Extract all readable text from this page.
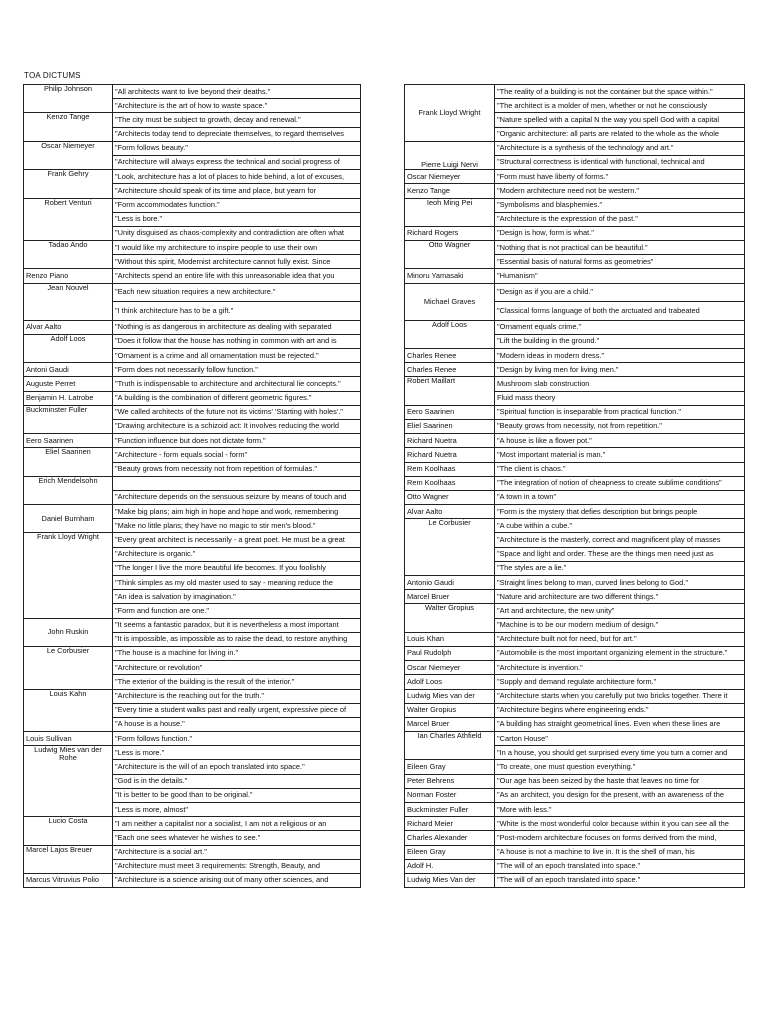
TOA DICTUMS
Philip Johnson	"All architects want to live beyond their deaths."
	"Architecture is the art of how to waste space."
Kenzo Tange	"The city must be subject to growth, decay and renewal."
	"Architects today tend to depreciate themselves, to regard themselves
Oscar Niemeyer	"Form follows beauty."
	"Architecture will always express the technical and social progress of
Frank Gehry	"Look, architecture has a lot of places to hide behind, a lot of excuses,
	"Architecture should speak of its time and place, but yearn for
Robert Venturi	"Form accommodates function."
	"Less is bore."
	"Unity disguised as chaos-complexity and contradiction are often what
Tadao Ando	"I would like my architecture to inspire people to use their own
	"Without this spirit, Modernist architecture cannot fully exist. Since
Renzo Piano	"Architects spend an entire life with this unreasonable idea that you
Jean Nouvel	"Each new situation requires a new architecture."
	"I think architecture has to be a gift."
Alvar Aalto	"Nothing is as dangerous in architecture as dealing with separated
Adolf Loos	"Does it follow that the house has nothing in common with art and is
	"Ornament is a crime and all ornamentation must be rejected."
Antoni Gaudi	"Form does not necessarily follow function."
Auguste Perret	"Truth is indispensable to architecture and architectural lie concepts."
Benjamin H. Latrobe	"A building is the combination of different geometric figures."
Buckminster Fuller	"We called architects of the future not its victims' 'Starting with holes'."
	"Drawing architecture is a schizoid act: It involves reducing the world
Eero Saarinen	"Function influence but does not dictate form."
Eliel Saarinen	"Architecture - form equals social - form"
	"Beauty grows from necessity not from repetition of formulas."
Erich Mendelsohn	
	"Architecture depends on the sensuous seizure by means of touch and
Daniel Burnham	"Make big plans; aim high in hope and hope and work, remembering
	"Make no little plans; they have no magic to stir men's blood."
Frank Lloyd Wright	"Every great architect is necessarily - a great poet. He must be a great
	"Architecture is organic."
	"The longer I live the more beautiful life becomes. If you foolishly
	"Think simples as my old master used to say - meaning reduce the
	"An idea is salvation by imagination."
	"Form and function are one."
John Ruskin	"It seems a fantastic paradox, but it is nevertheless a most important
	"It is impossible, as impossible as to raise the dead, to restore anything
Le Corbusier	"The house is a machine for living in."
	"Architecture or revolution"
	"The exterior of the building is the result of the interior."
Louis Kahn	"Architecture is the reaching out for the truth."
	"Every time a student walks past and really urgent, expressive piece of
	"A house is a house."
Louis Sullivan	"Form follows function."
Ludwig Mies van der Rohe	"Less is more."
	"Architecture is the will of an epoch translated into space."
	"God is in the details."
	"It is better to be good than to be original."
	"Less is more, almost"
Lucio Costa	"I am neither a capitalist nor a socialist, I am not a religious or an
	"Each one sees whatever he wishes to see."
Marcel Lajos Breuer	"Architecture is a social art."
	"Architecture must meet 3 requirements: Strength, Beauty, and
Marcus Vitruvius Polio	"Architecture is a science arising out of many other sciences, and
Frank Lloyd Wright	"The reality of a building is not the container but the space within."
	"The architect is a molder of men, whether or not he consciously
	"Nature spelled with a capital N the way you spell God with a capital
	"Organic architecture: all parts are related to the whole as the whole
Pierre Luigi Nervi	"Architecture is a synthesis of the technology and art."
	"Structural correctness is identical with functional, technical and
Oscar Niemeyer	"Form must have liberty of forms."
Kenzo Tange	"Modern architecture need not be western."
Ieoh Ming Pei	"Symbolisms and blasphemies."
	"Architecture is the expression of the past."
Richard Rogers	"Design is how, form is what."
Otto Wagner	"Nothing that is not practical can be beautiful."
	"Essential basis of natural forms as geometries"
Minoru Yamasaki	"Humanism"
Michael Graves	"Design as if you are a child."
	"Classical forms language of both the arctuated and trabeated
Adolf Loos	"Ornament equals crime."
	"Lift the building in the ground."
Charles Renee	"Modern ideas in modern dress."
Charles Renee	"Design by living men for living men."
Robert Maillart	Mushroom slab construction
	Fluid mass theory
Eero Saarinen	"Spiritual function is inseparable from practical function."
Eliel Saarinen	"Beauty grows from necessity, not from repetition."
Richard Nuetra	"A house is like a flower pot."
Richard Nuetra	"Most important material is man."
Rem Koolhaas	"The client is chaos."
Rem Koolhaas	"The integration of notion of cheapness to create sublime conditions"
Otto Wagner	"A town in a town"
Alvar Aalto	"Form is the mystery that defies description but brings people
Le Corbusier	"A cube within a cube."
	"Architecture is the masterly, correct and magnificent play of masses
	"Space and light and order. These are the things men need just as
	"The styles are a lie."
Antonio Gaudi	"Straight lines belong to man, curved lines belong to God."
Marcel Bruer	"Nature and architecture are two different things."
Walter Gropius	"Art and architecture, the new unity"
	"Machine is to be our modern medium of design."
Louis Khan	"Architecture built not for need, but for art."
Paul Rudolph	"Automobile is the most important organizing element in the structure."
Oscar Niemeyer	"Architecture is invention."
Adolf Loos	"Supply and demand regulate architecture form."
Ludwig Mies van der	"Architecture starts when you carefully put two bricks together. There it
Walter Gropius	"Architecture begins where engineering ends."
Marcel Bruer	"A building has straight geometrical lines. Even when these lines are
Ian Charles Athfield	"Carton House"
	"In a house, you should get surprised every time you turn a corner and
Eileen Gray	"To create, one must question everything."
Peter Behrens	"Our age has been seized by the haste that leaves no time for
Norman Foster	"As an architect, you design for the present, with an awareness of the
Buckminster Fuller	"More with less."
Richard Meier	"White is the most wonderful color because within it you can see all the
Charles Alexander	"Post-modern architecture focuses on forms derived from the mind,
Eileen Gray	"A house is not a machine to live in. It is the shell of man, his
Adolf H.	"The will of an epoch translated into space."
Ludwig Mies Van der	"The will of an epoch translated into space."
